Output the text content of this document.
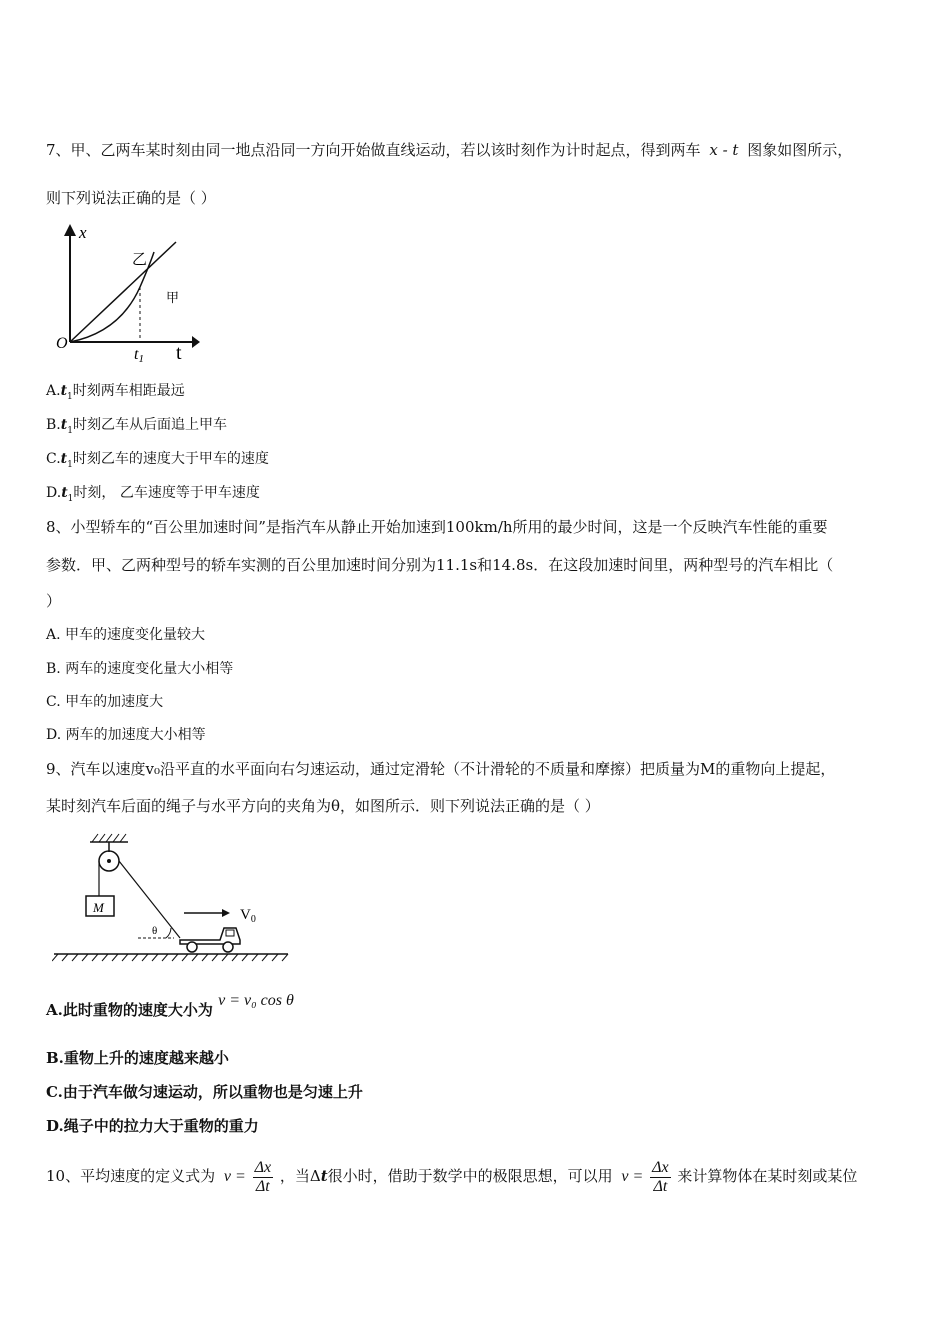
7、甲、乙两车某时刻由同一地点沿同一方向开始做直线运动，若以该时刻作为计时起点，得到两车 x - t 图象如图所示，
则下列说法正确的是（ ）
x
O	t
t1
乙
甲
$A.t_1$时刻两车相距最远
$B.t_1$时刻乙车从后面追上甲车
$C.t_1$时刻乙车的速度大于甲车的速度
$D.t_1$时刻， 乙车速度等于甲车速度
8、小型轿车的“百公里加速时间”是指汽车从静止开始加速到100km/h所用的最少时间，这是一个反映汽车性能的重要
参数．甲、乙两种型号的轿车实测的百公里加速时间分别为11.1s和14.8s．在这段加速时间里，两种型号的汽车相比（
）
A. 甲车的速度变化量较大
B. 两车的速度变化量大小相等
C. 甲车的加速度大
D. 两车的加速度大小相等
9、汽车以速度v₀沿平直的水平面向右匀速运动，通过定滑轮（不计滑轮的不质量和摩擦）把质量为M的重物向上提起，
某时刻汽车后面的绳子与水平方向的夹角为θ，如图所示．则下列说法正确的是（ ）
M
θ
$V_0$
A.此时重物的速度大小为 v = v₀ cos θ
B.重物上升的速度越来越小
C.由于汽车做匀速运动，所以重物也是匀速上升
D.绳子中的拉力大于重物的重力
10、平均速度的定义式为 $v = \frac{\Delta x}{\Delta t}$ ，当Δt很小时，借助于数学中的极限思想，可以用 $v = \frac{\Delta x}{\Delta t}$ 来计算物体在某时刻或某位
